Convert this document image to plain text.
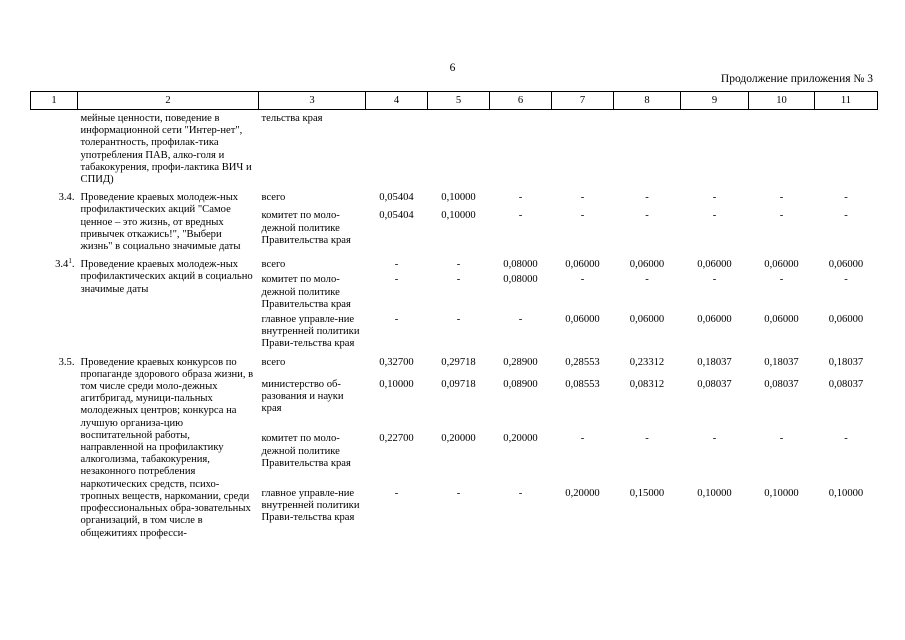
6
Продолжение приложения № 3
1	2	3	4	5	6	7	8	9	10	11
	мейные ценности, поведение в информационной сети "Интер-нет", толерантность, профилак-тика употребления ПАВ, алко-голя и табакокурения, профи-лактика ВИЧ и СПИД)	тельства края								
3.4.	Проведение краевых молодеж-ных профилактических акций "Самое ценное – это жизнь, от вредных привычек откажись!", "Выбери жизнь" в социально значимые даты	всего	0,05404	0,10000	-	-	-	-	-	-
		комитет по моло-дежной политике Правительства края	0,05404	0,10000	-	-	-	-	-	-
$3.4^1$.	Проведение краевых молодеж-ных профилактических акций в социально значимые даты	всего	-	-	0,08000	0,06000	0,06000	0,06000	0,06000	0,06000
		комитет по моло-дежной политике Правительства края	-	-	0,08000	-	-	-	-	-
		главное управле-ние внутренней политики Прави-тельства края	-	-	-	0,06000	0,06000	0,06000	0,06000	0,06000
3.5.	Проведение краевых конкурсов по пропаганде здорового образа жизни, в том числе среди моло-дежных агитбригад, муници-пальных молодежных центров; конкурса на лучшую организа-цию воспитательной работы, направленной на профилактику алкоголизма, табакокурения, незаконного потребления наркотических средств, психо-тропных веществ, наркомании, среди профессиональных обра-зовательных организаций, в том числе в общежитиях професси-	всего	0,32700	0,29718	0,28900	0,28553	0,23312	0,18037	0,18037	0,18037
		министерство об-разования и науки края	0,10000	0,09718	0,08900	0,08553	0,08312	0,08037	0,08037	0,08037
		комитет по моло-дежной политике Правительства края	0,22700	0,20000	0,20000	-	-	-	-	-
		главное управле-ние внутренней политики Прави-тельства края	-	-	-	0,20000	0,15000	0,10000	0,10000	0,10000
